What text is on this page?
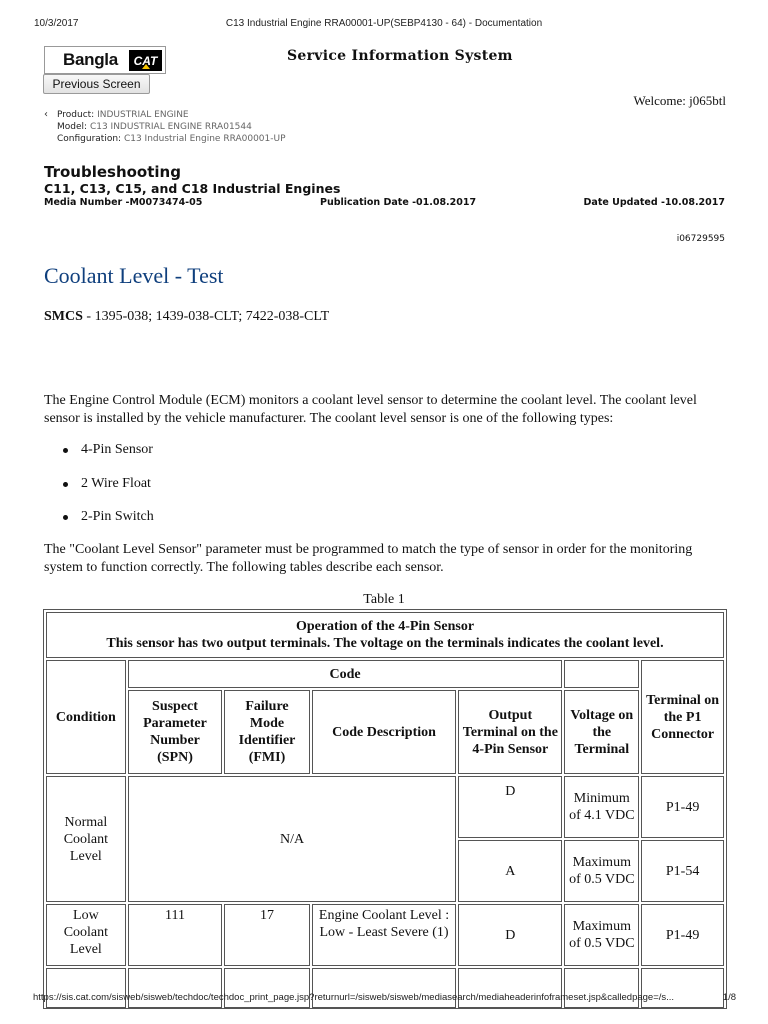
10/3/2017	C13 Industrial Engine RRA00001-UP(SEBP4130 - 64) - Documentation
Bangla CAT
Previous Screen
Service Information System
Welcome: j065btl
‹	Product: INDUSTRIAL ENGINE
Model: C13 INDUSTRIAL ENGINE RRA01544
Configuration: C13 Industrial Engine RRA00001-UP
Troubleshooting
C11, C13, C15, and C18 Industrial Engines
Media Number -M0073474-05	Publication Date -01.08.2017	Date Updated -10.08.2017
i06729595
Coolant Level - Test
SMCS - 1395-038; 1439-038-CLT; 7422-038-CLT
The Engine Control Module (ECM) monitors a coolant level sensor to determine the coolant level. The coolant level sensor is installed by the vehicle manufacturer. The coolant level sensor is one of the following types:
4-Pin Sensor
2 Wire Float
2-Pin Switch
The "Coolant Level Sensor" parameter must be programmed to match the type of sensor in order for the monitoring system to function correctly. The following tables describe each sensor.
Table 1
Operation of the 4-Pin Sensor
This sensor has two output terminals. The voltage on the terminals indicates the coolant level.						

Condition	Code					Terminal on the P1 Connector
	Suspect Parameter Number (SPN)	Failure Mode Identifier (FMI)	Code Description	Output Terminal on the 4-Pin Sensor	Voltage on the Terminal	
Normal Coolant Level	N/A			D	Minimum of 4.1 VDC	P1-49
				A	Maximum of 0.5 VDC	P1-54
Low Coolant Level	111	17	Engine Coolant Level : Low - Least Severe (1)	D	Maximum of 0.5 VDC	P1-49

https://sis.cat.com/sisweb/sisweb/techdoc/techdoc_print_page.jsp?returnurl=/sisweb/sisweb/mediasearch/mediaheaderinfoframeset.jsp&calledpage=/s...	1/8
